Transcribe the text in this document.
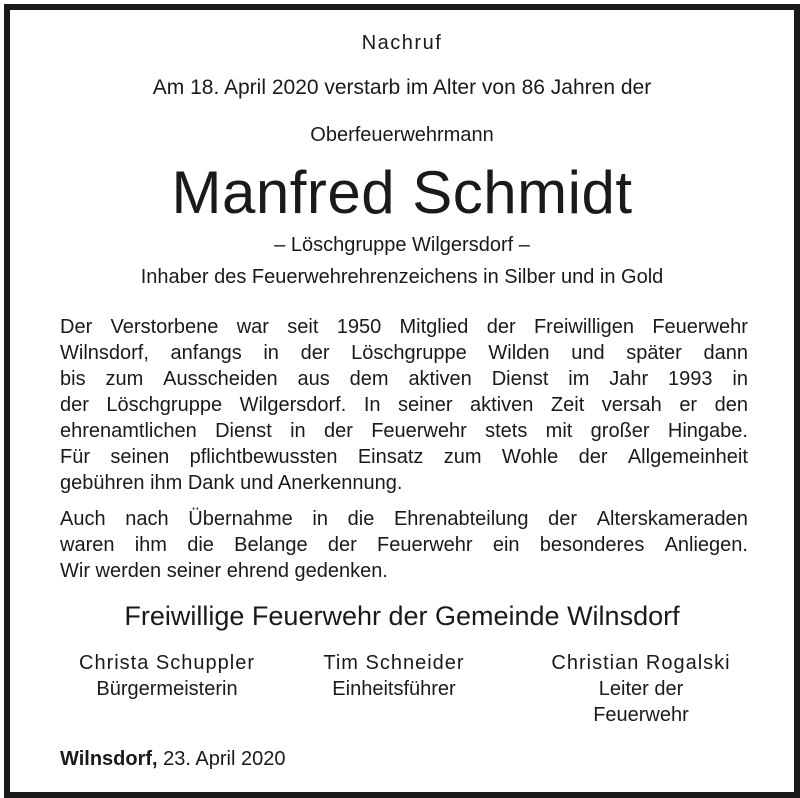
Nachruf
Am 18. April 2020 verstarb im Alter von 86 Jahren der
Oberfeuerwehrmann
Manfred Schmidt
– Löschgruppe Wilgersdorf –
Inhaber des Feuerwehrehrenzeichens in Silber und in Gold
Der Verstorbene war seit 1950 Mitglied der Freiwilligen Feuerwehr
Wilnsdorf, anfangs in der Löschgruppe Wilden und später dann
bis zum Ausscheiden aus dem aktiven Dienst im Jahr 1993 in
der Löschgruppe Wilgersdorf. In seiner aktiven Zeit versah er den
ehrenamtlichen Dienst in der Feuerwehr stets mit großer Hingabe.
Für seinen pflichtbewussten Einsatz zum Wohle der Allgemeinheit
gebühren ihm Dank und Anerkennung.
Auch nach Übernahme in die Ehrenabteilung der Alterskameraden
waren ihm die Belange der Feuerwehr ein besonderes Anliegen.
Wir werden seiner ehrend gedenken.
Freiwillige Feuerwehr der Gemeinde Wilnsdorf
Christa Schuppler
Bürgermeisterin
Tim Schneider
Einheitsführer
Christian Rogalski
Leiter der
Feuerwehr
Wilnsdorf, 23. April 2020
